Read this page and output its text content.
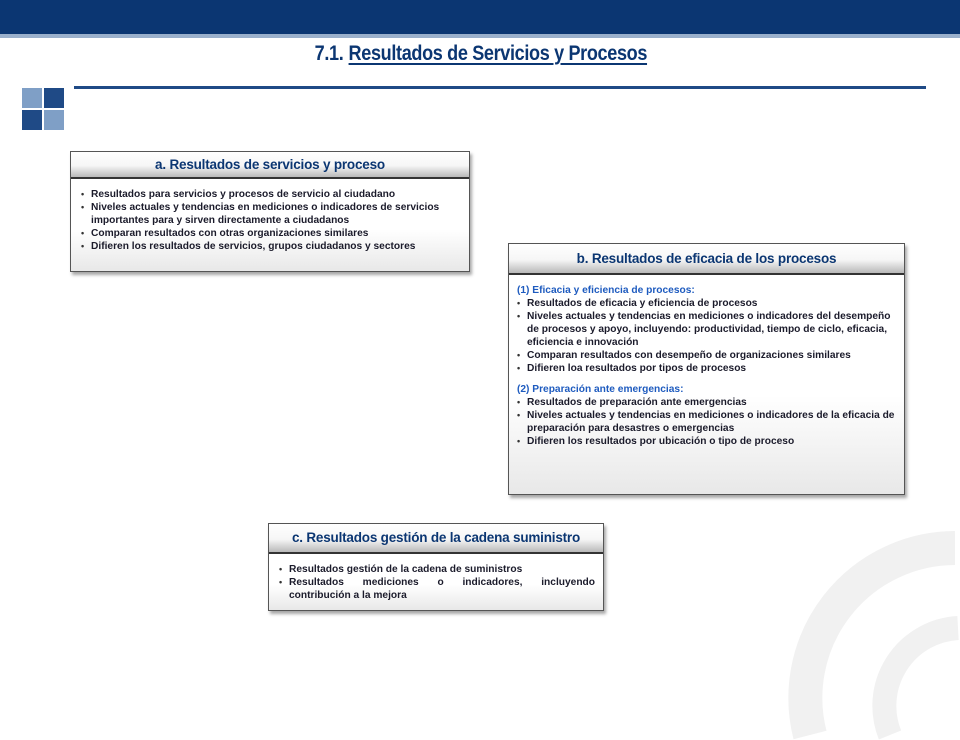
7.1. Resultados de Servicios y Procesos
a. Resultados de servicios y proceso
• Resultados para servicios y procesos de servicio al ciudadano
• Niveles actuales y tendencias en mediciones o indicadores de servicios importantes para y sirven directamente a ciudadanos
• Comparan resultados con otras organizaciones similares
• Difieren los resultados de servicios, grupos ciudadanos y sectores
b. Resultados de eficacia de los procesos
(1) Eficacia y eficiencia de procesos:
• Resultados de eficacia y eficiencia de procesos
• Niveles actuales y tendencias en mediciones o indicadores del desempeño de procesos y apoyo, incluyendo: productividad, tiempo de ciclo, eficacia, eficiencia e innovación
• Comparan resultados con desempeño de organizaciones similares
• Difieren loa resultados por tipos de procesos
(2) Preparación ante emergencias:
• Resultados de preparación ante emergencias
• Niveles actuales y tendencias en mediciones o indicadores de la eficacia de preparación para desastres o emergencias
• Difieren los resultados por ubicación o tipo de proceso
c. Resultados gestión de la cadena suministro
• Resultados gestión de la cadena de suministros
• Resultados mediciones o indicadores, incluyendo contribución a la mejora
